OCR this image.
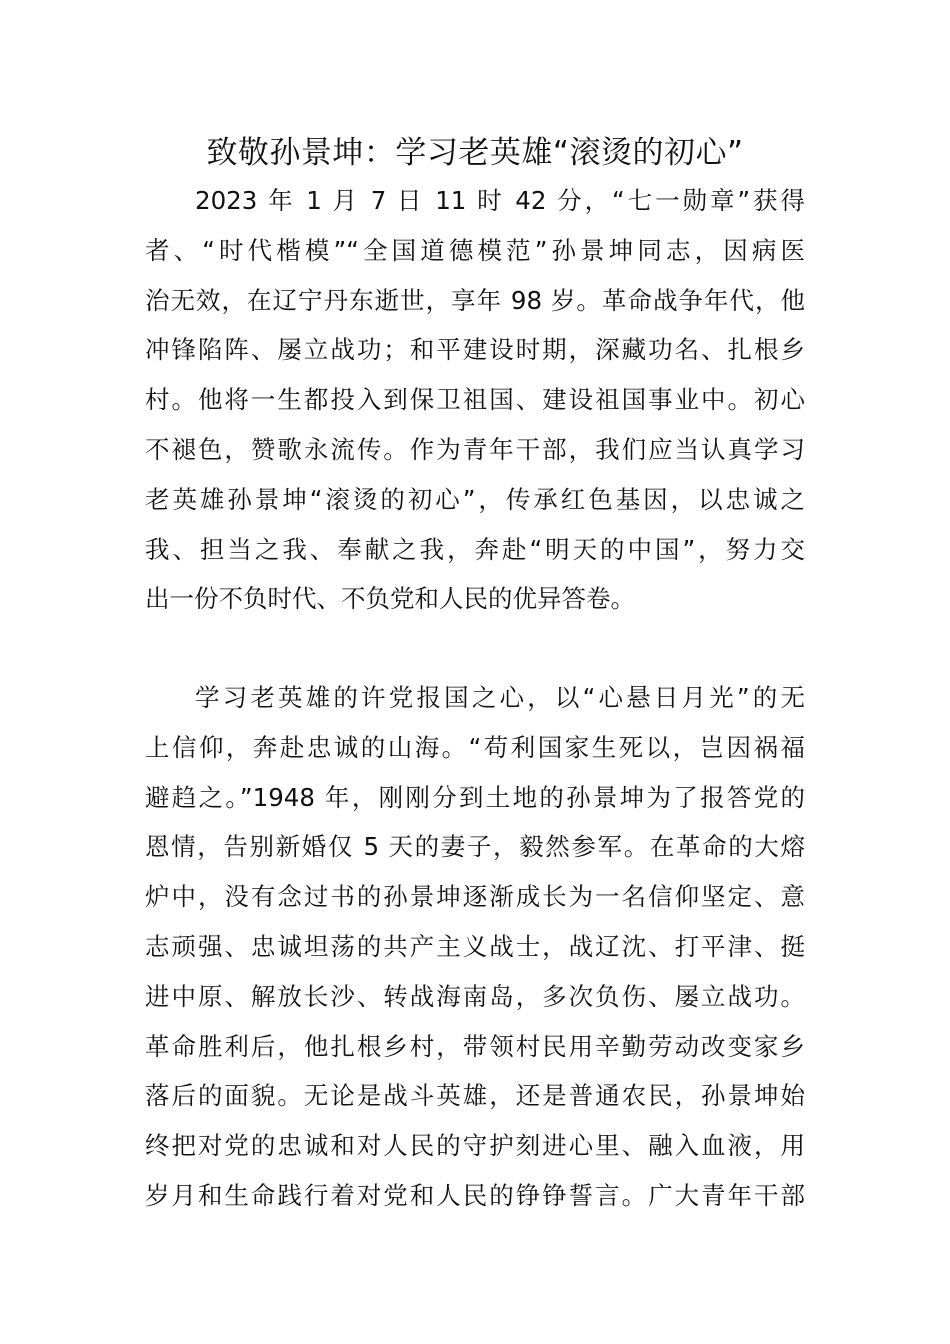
致敬孙景坤：学习老英雄“滚烫的初心”
2023 年 1 月 7 日 11 时 42 分，“七一勋章”获得
者、“时代楷模”“全国道德模范”孙景坤同志，因病医
治无效，在辽宁丹东逝世，享年 98 岁。革命战争年代，他
冲锋陷阵、屡立战功；和平建设时期，深藏功名、扎根乡
村。他将一生都投入到保卫祖国、建设祖国事业中。初心
不褪色，赞歌永流传。作为青年干部，我们应当认真学习
老英雄孙景坤“滚烫的初心”，传承红色基因，以忠诚之
我、担当之我、奉献之我，奔赴“明天的中国”，努力交
出一份不负时代、不负党和人民的优异答卷。
学习老英雄的许党报国之心，以“心悬日月光”的无
上信仰，奔赴忠诚的山海。“苟利国家生死以，岂因祸福
避趋之。”1948 年，刚刚分到土地的孙景坤为了报答党的
恩情，告别新婚仅 5 天的妻子，毅然参军。在革命的大熔
炉中，没有念过书的孙景坤逐渐成长为一名信仰坚定、意
志顽强、忠诚坦荡的共产主义战士，战辽沈、打平津、挺
进中原、解放长沙、转战海南岛，多次负伤、屡立战功。
革命胜利后，他扎根乡村，带领村民用辛勤劳动改变家乡
落后的面貌。无论是战斗英雄，还是普通农民，孙景坤始
终把对党的忠诚和对人民的守护刻进心里、融入血液，用
岁月和生命践行着对党和人民的铮铮誓言。广大青年干部
